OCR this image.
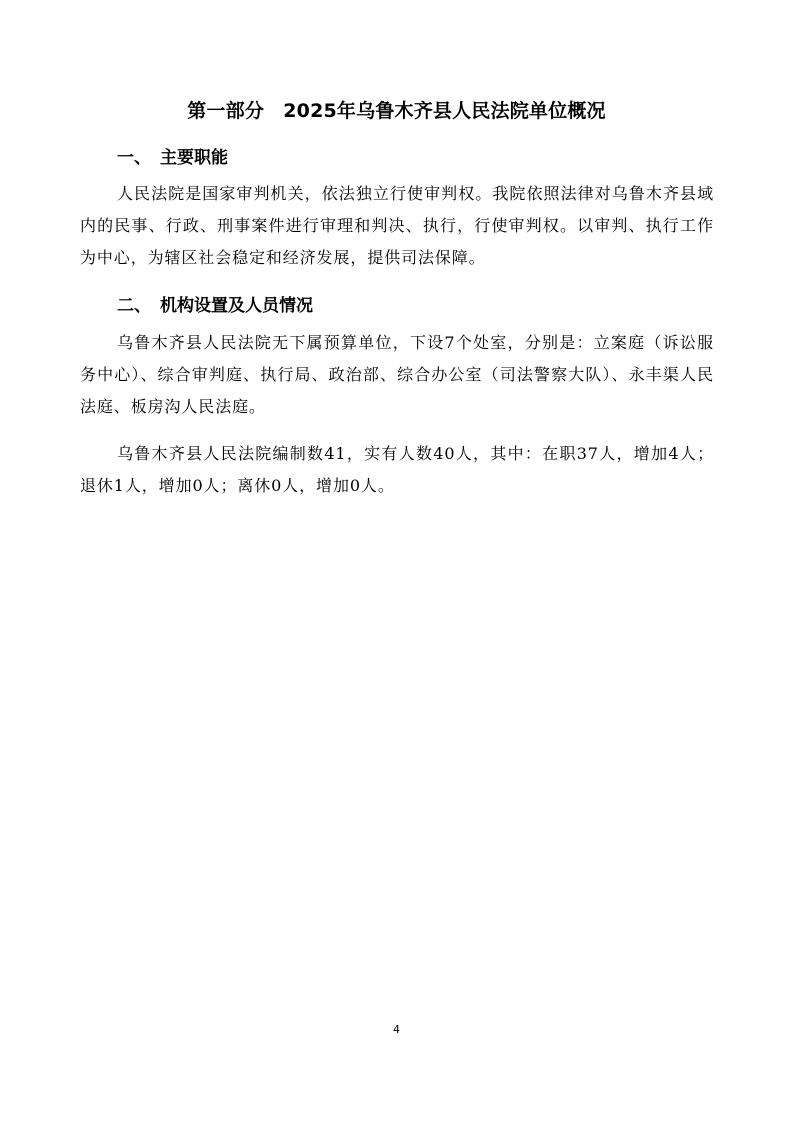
第一部分　2025年乌鲁木齐县人民法院单位概况
一、 主要职能
人民法院是国家审判机关，依法独立行使审判权。我院依照法律对乌鲁木齐县域内的民事、行政、刑事案件进行审理和判决、执行，行使审判权。以审判、执行工作为中心，为辖区社会稳定和经济发展，提供司法保障。
二、 机构设置及人员情况
乌鲁木齐县人民法院无下属预算单位，下设7个处室，分别是：立案庭（诉讼服务中心）、综合审判庭、执行局、政治部、综合办公室（司法警察大队）、永丰渠人民法庭、板房沟人民法庭。
乌鲁木齐县人民法院编制数41，实有人数40人，其中：在职37人，增加4人；退休1人，增加0人；离休0人，增加0人。
4
